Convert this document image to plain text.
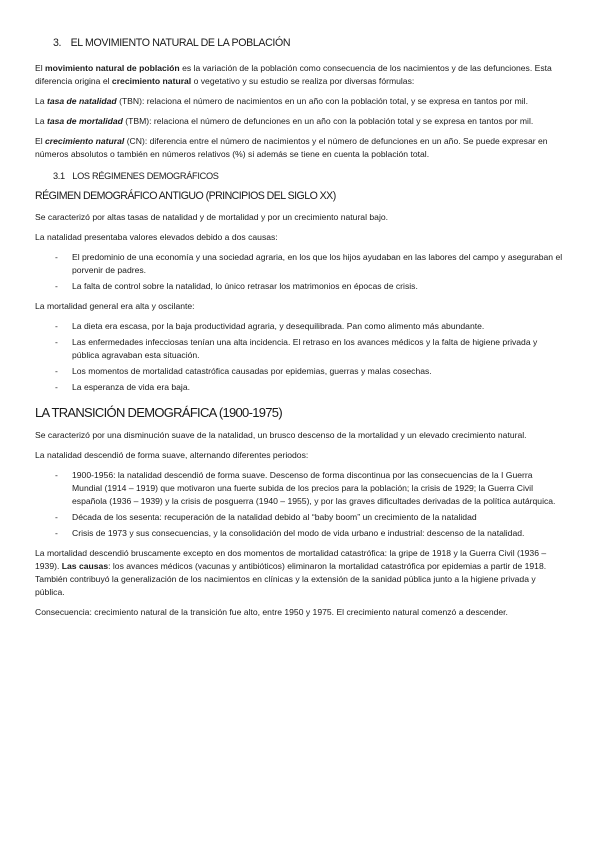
3. EL MOVIMIENTO NATURAL DE LA POBLACIÓN

El movimiento natural de población es la variación de la población como consecuencia de los nacimientos y de las defunciones. Esta diferencia origina el crecimiento natural o vegetativo y su estudio se realiza por diversas fórmulas:

La tasa de natalidad (TBN): relaciona el número de nacimientos en un año con la población total, y se expresa en tantos por mil.

La tasa de mortalidad (TBM): relaciona el número de defunciones en un año con la población total y se expresa en tantos por mil.

El crecimiento natural (CN): diferencia entre el número de nacimientos y el número de defunciones en un año. Se puede expresar en números absolutos o también en números relativos (%) si además se tiene en cuenta la población total.

3.1 LOS RÉGIMENES DEMOGRÁFICOS
RÉGIMEN DEMOGRÁFICO ANTIGUO (PRINCIPIOS DEL SIGLO XX)

Se caracterizó por altas tasas de natalidad y de mortalidad y por un crecimiento natural bajo.

La natalidad presentaba valores elevados debido a dos causas:

- El predominio de una economía y una sociedad agraria, en los que los hijos ayudaban en las labores del campo y aseguraban el porvenir de padres.
- La falta de control sobre la natalidad, lo único retrasar los matrimonios en épocas de crisis.

La mortalidad general era alta y oscilante:

- La dieta era escasa, por la baja productividad agraria, y desequilibrada. Pan como alimento más abundante.
- Las enfermedades infecciosas tenían una alta incidencia. El retraso en los avances médicos y la falta de higiene privada y pública agravaban esta situación.
- Los momentos de mortalidad catastrófica causadas por epidemias, guerras y malas cosechas.
- La esperanza de vida era baja.
LA TRANSICIÓN DEMOGRÁFICA (1900-1975)

Se caracterizó por una disminución suave de la natalidad, un brusco descenso de la mortalidad y un elevado crecimiento natural.

La natalidad descendió de forma suave, alternando diferentes periodos:

- 1900-1956: la natalidad descendió de forma suave. Descenso de forma discontinua por las consecuencias de la I Guerra Mundial (1914 – 1919) que motivaron una fuerte subida de los precios para la población; la crisis de 1929; la Guerra Civil española (1936 – 1939) y la crisis de posguerra (1940 – 1955), y por las graves dificultades derivadas de la política autárquica.
- Década de los sesenta: recuperación de la natalidad debido al “baby boom” un crecimiento de la natalidad
- Crisis de 1973 y sus consecuencias, y la consolidación del modo de vida urbano e industrial: descenso de la natalidad.

La mortalidad descendió bruscamente excepto en dos momentos de mortalidad catastrófica: la gripe de 1918 y la Guerra Civil (1936 – 1939). Las causas: los avances médicos (vacunas y antibióticos) eliminaron la mortalidad catastrófica por epidemias a partir de 1918. También contribuyó la generalización de los nacimientos en clínicas y la extensión de la sanidad pública junto a la higiene privada y pública.

Consecuencia: crecimiento natural de la transición fue alto, entre 1950 y 1975. El crecimiento natural comenzó a descender.
